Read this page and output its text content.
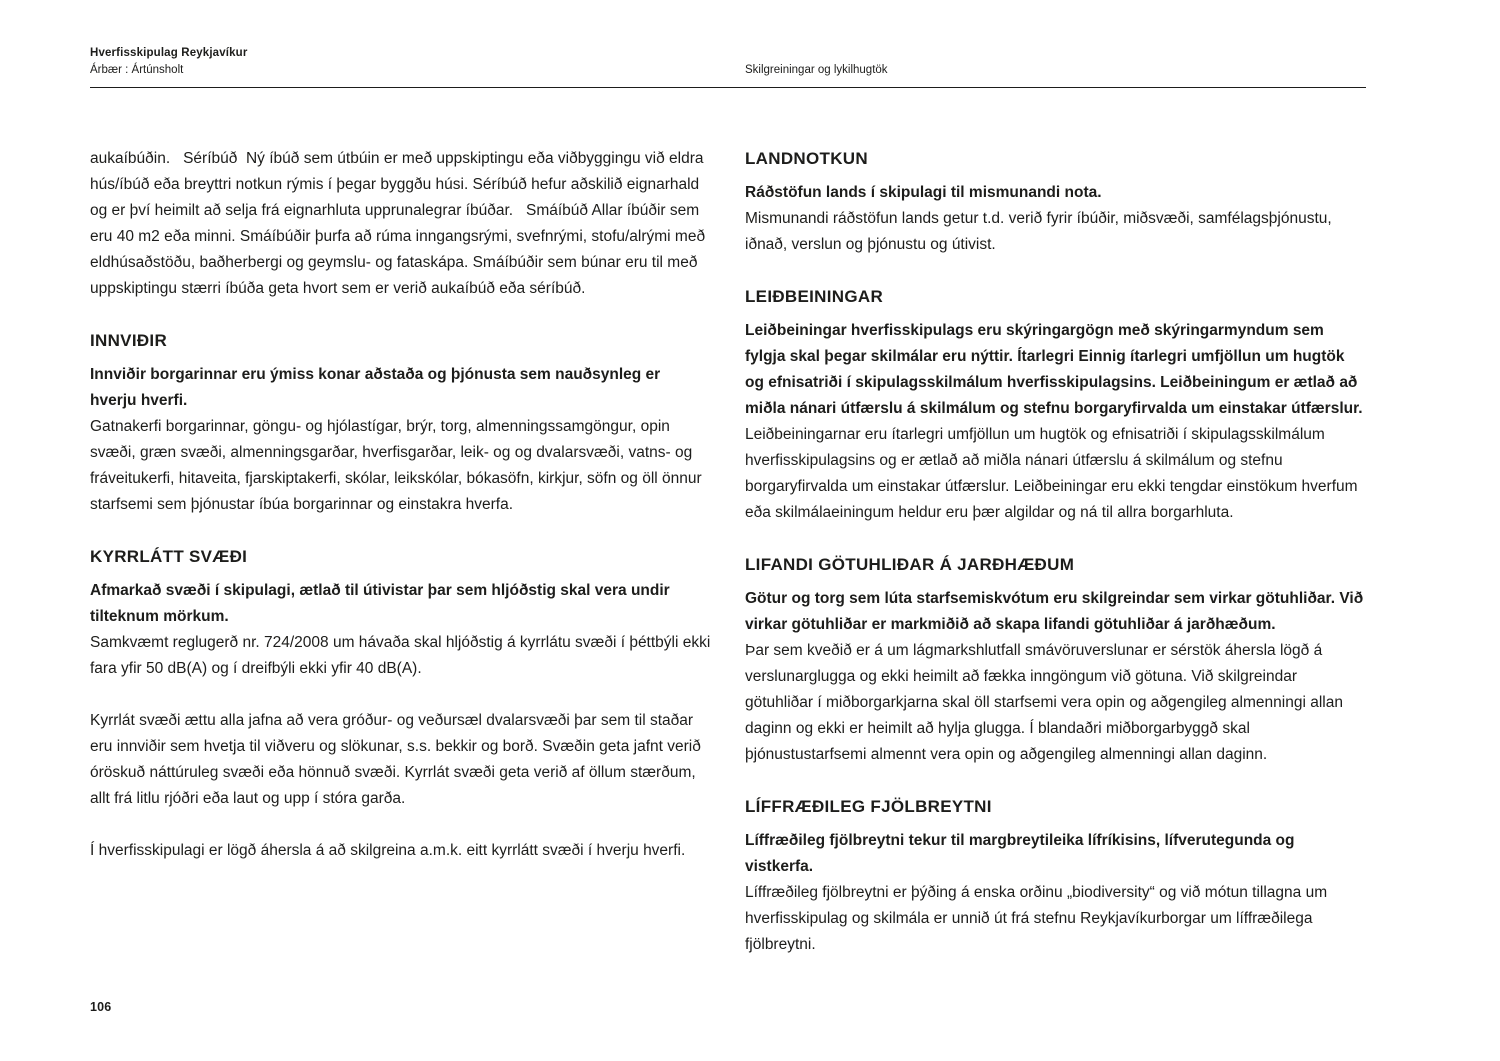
Hverfisskipulag Reykjavíkur
Árbær : Ártúnsholt	Skilgreiningar og lykilhugtök

aukaíbúðin.   Séríbúð  Ný íbúð sem útbúin er með uppskiptingu eða viðbyggingu við eldra hús/íbúð eða breyttri notkun rýmis í þegar byggðu húsi. Séríbúð hefur aðskilið eignarhald og er því heimilt að selja frá eignarhluta upprunalegrar íbúðar.   Smáíbúð Allar íbúðir sem eru 40 m2 eða minni. Smáíbúðir þurfa að rúma inngangsrými, svefnrými, stofu/alrými með eldhúsaðstöðu, baðherbergi og geymslu- og fataskápa. Smáíbúðir sem búnar eru til með uppskiptingu stærri íbúða geta hvort sem er verið aukaíbúð eða séríbúð.

INNVIÐIR

Innviðir borgarinnar eru ýmiss konar aðstaða og þjónusta sem nauðsynleg er hverju hverfi.

Gatnakerfi borgarinnar, göngu- og hjólastígar, brýr, torg, almenningssamgöngur, opin svæði, græn svæði, almenningsgarðar, hverfisgarðar, leik- og og dvalarsvæði, vatns- og fráveitukerfi, hitaveita, fjarskiptakerfi, skólar, leikskólar, bókasöfn, kirkjur, söfn og öll önnur starfsemi sem þjónustar íbúa borgarinnar og einstakra hverfa.

KYRRLÁTT SVÆÐI

Afmarkað svæði í skipulagi, ætlað til útivistar þar sem hljóðstig skal vera undir tilteknum mörkum.

Samkvæmt reglugerð nr. 724/2008 um hávaða skal hljóðstig á kyrrlátu svæði í þéttbýli ekki fara yfir 50 dB(A) og í dreifbýli ekki yfir 40 dB(A).

Kyrrlát svæði ættu alla jafna að vera gróður- og veðursæl dvalarsvæði þar sem til staðar eru innviðir sem hvetja til viðveru og slökunar, s.s. bekkir og borð. Svæðin geta jafnt verið óröskuð náttúruleg svæði eða hönnuð svæði. Kyrrlát svæði geta verið af öllum stærðum, allt frá litlu rjóðri eða laut og upp í stóra garða.

Í hverfisskipulagi er lögð áhersla á að skilgreina a.m.k. eitt kyrrlátt svæði í hverju hverfi.

LANDNOTKUN

Ráðstöfun lands í skipulagi til mismunandi nota.

Mismunandi ráðstöfun lands getur t.d. verið fyrir íbúðir, miðsvæði, samfélagsþjónustu, iðnað, verslun og þjónustu og útivist.

LEIÐBEININGAR

Leiðbeiningar hverfisskipulags eru skýringargögn með skýringarmyndum sem fylgja skal þegar skilmálar eru nýttir. Ítarlegri Einnig ítarlegri umfjöllun um hugtök og efnisatriði í skipulagsskilmálum hverfisskipulagsins. Leiðbeiningum er ætlað að miðla nánari útfærslu á skilmálum og stefnu borgaryfirvalda um einstakar útfærslur.

Leiðbeiningarnar eru ítarlegri umfjöllun um hugtök og efnisatriði í skipulagsskilmálum hverfisskipulagsins og er ætlað að miðla nánari útfærslu á skilmálum og stefnu borgaryfirvalda um einstakar útfærslur. Leiðbeiningar eru ekki tengdar einstökum hverfum eða skilmálaeiningum heldur eru þær algildar og ná til allra borgarhluta.

LIFANDI GÖTUHLIÐAR Á JARÐHÆÐUM

Götur og torg sem lúta starfsemiskvótum eru skilgreindar sem virkar götuhliðar. Við virkar götuhliðar er markmiðið að skapa lifandi götuhliðar á jarðhæðum.

Þar sem kveðið er á um lágmarkshlutfall smávöruverslunar er sérstök áhersla lögð á verslunarglugga og ekki heimilt að fækka inngöngum við götuna. Við skilgreindar götuhliðar í miðborgarkjarna skal öll starfsemi vera opin og aðgengileg almenningi allan daginn og ekki er heimilt að hylja glugga. Í blandaðri miðborgarbyggð skal þjónustustarfsemi almennt vera opin og aðgengileg almenningi allan daginn.

LÍFFRÆÐILEG FJÖLBREYTNI

Líffræðileg fjölbreytni tekur til margbreytileika lífríkisins, lífverutegunda og vistkerfa.

Líffræðileg fjölbreytni er þýðing á enska orðinu „biodiversity“ og við mótun tillagna um hverfisskipulag og skilmála er unnið út frá stefnu Reykjavíkurborgar um líffræðilega fjölbreytni.

106
